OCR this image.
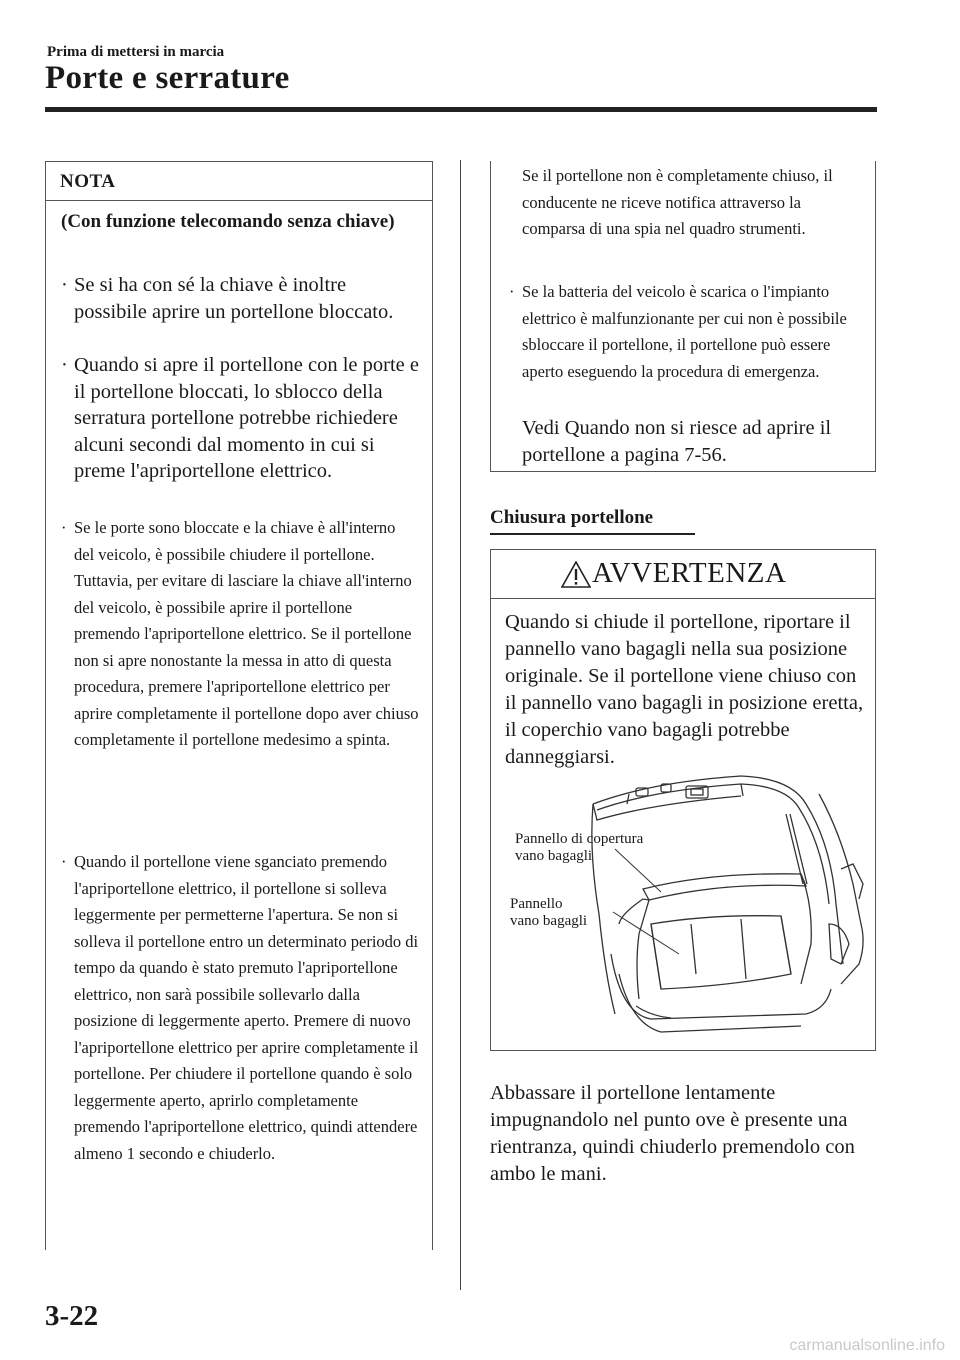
Prima di mettersi in marcia
Porte e serrature
NOTA
(Con funzione telecomando senza chiave)
· Se si ha con sé la chiave è inoltre possibile aprire un portellone bloccato.
· Quando si apre il portellone con le porte e il portellone bloccati, lo sblocco della serratura portellone potrebbe richiedere alcuni secondi dal momento in cui si preme l'apriportellone elettrico.
· Se le porte sono bloccate e la chiave è all'interno del veicolo, è possibile chiudere il portellone. Tuttavia, per evitare di lasciare la chiave all'interno del veicolo, è possibile aprire il portellone premendo l'apriportellone elettrico. Se il portellone non si apre nonostante la messa in atto di questa procedura, premere l'apriportellone elettrico per aprire completamente il portellone dopo aver chiuso completamente il portellone medesimo a spinta.
· Quando il portellone viene sganciato premendo l'apriportellone elettrico, il portellone si solleva leggermente per permetterne l'apertura. Se non si solleva il portellone entro un determinato periodo di tempo da quando è stato premuto l'apriportellone elettrico, non sarà possibile sollevarlo dalla posizione di leggermente aperto. Premere di nuovo l'apriportellone elettrico per aprire completamente il portellone. Per chiudere il portellone quando è solo leggermente aperto, aprirlo completamente premendo l'apriportellone elettrico, quindi attendere almeno 1 secondo e chiuderlo.
Se il portellone non è completamente chiuso, il conducente ne riceve notifica attraverso la comparsa di una spia nel quadro strumenti.
· Se la batteria del veicolo è scarica o l'impianto elettrico è malfunzionante per cui non è possibile sbloccare il portellone, il portellone può essere aperto eseguendo la procedura di emergenza.
Vedi Quando non si riesce ad aprire il portellone a pagina 7-56.
Chiusura portellone
AVVERTENZA
Quando si chiude il portellone, riportare il pannello vano bagagli nella sua posizione originale. Se il portellone viene chiuso con il pannello vano bagagli in posizione eretta, il coperchio vano bagagli potrebbe danneggiarsi.
Pannello di copertura
vano bagagli
Pannello
vano bagagli
Abbassare il portellone lentamente impugnandolo nel punto ove è presente una rientranza, quindi chiuderlo premendolo con ambo le mani.
3-22
carmanualsonline.info
